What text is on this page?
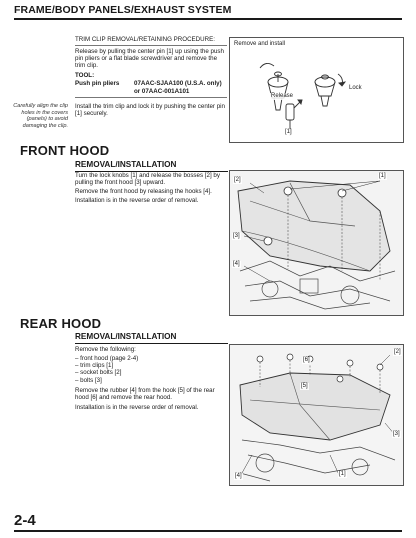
FRAME/BODY PANELS/EXHAUST SYSTEM
TRIM CLIP REMOVAL/RETAINING PROCEDURE:
Release by pulling the center pin [1] up using the push pin pliers or a flat blade screwdriver and remove the trim clip.
TOOL:
Push pin pliers 07AAC-SJAA100 (U.S.A. only)
or 07AAC-001A101
Carefully align the clip holes in the covers (panels) to avoid damaging the clip.
Install the trim clip and lock it by pushing the center pin [1] securely.
Remove and install
Lock
Release
[1]
FRONT HOOD
REMOVAL/INSTALLATION
Turn the lock knobs [1] and release the bosses [2] by pulling the front hood [3] upward.
Remove the front hood by releasing the hooks [4].
Installation is in the reverse order of removal.
[1]
[2]
[3]
[4]
REAR HOOD
REMOVAL/INSTALLATION
Remove the following:
– front hood (page 2-4)
– trim clips [1]
– socket bolts [2]
– bolts [3]
Remove the rubber [4] from the hook [5] of the rear hood [6] and remove the rear hood.
Installation is in the reverse order of removal.
[2]
[6]
[5]
[3]
[4]	[1]
2-4
